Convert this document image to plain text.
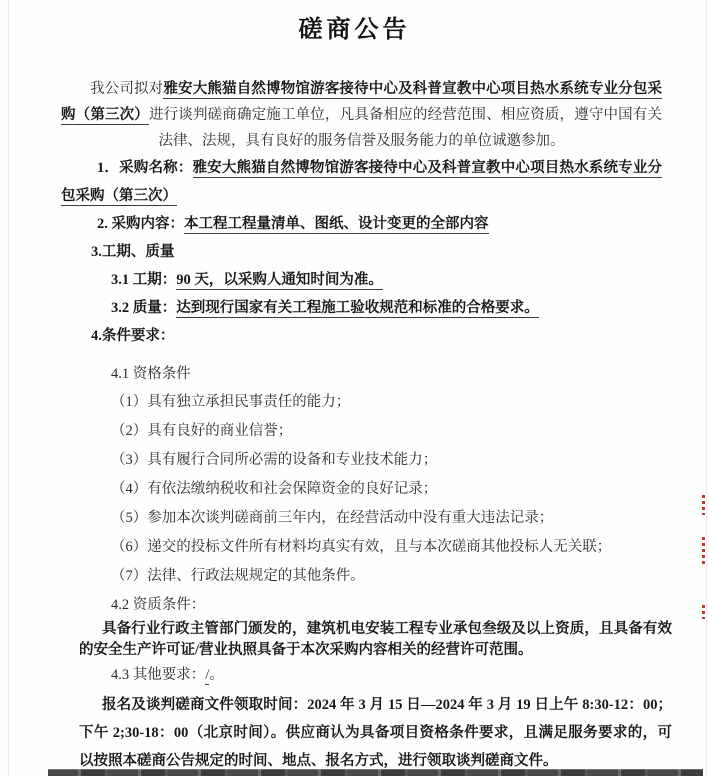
磋商公告

我公司拟对雅安大熊猫自然博物馆游客接待中心及科普宣教中心项目热水系统专业分包采购（第三次）进行谈判磋商确定施工单位，凡具备相应的经营范围、相应资质，遵守中国有关法律、法规，具有良好的服务信誉及服务能力的单位诚邀参加。

1．采购名称：雅安大熊猫自然博物馆游客接待中心及科普宣教中心项目热水系统专业分包采购（第三次）

2. 采购内容：本工程工程量清单、图纸、设计变更的全部内容

3.工期、质量

3.1 工期：90 天，以采购人通知时间为准。

3.2 质量：达到现行国家有关工程施工验收规范和标准的合格要求。

4.条件要求：

4.1 资格条件

（1）具有独立承担民事责任的能力；

（2）具有良好的商业信誉；

（3）具有履行合同所必需的设备和专业技术能力；

（4）有依法缴纳税收和社会保障资金的良好记录；

（5）参加本次谈判磋商前三年内，在经营活动中没有重大违法记录；

（6）递交的投标文件所有材料均真实有效，且与本次磋商其他投标人无关联；

（7）法律、行政法规规定的其他条件。

4.2 资质条件：

具备行业行政主管部门颁发的，建筑机电安装工程专业承包叁级及以上资质，且具备有效的安全生产许可证/营业执照具备于本次采购内容相关的经营许可范围。

4.3 其他要求：/。

报名及谈判磋商文件领取时间：2024 年 3 月 15 日—2024 年 3 月 19 日上午 8:30-12：00；下午 2;30-18：00（北京时间）。供应商认为具备项目资格条件要求，且满足服务要求的，可以按照本磋商公告规定的时间、地点、报名方式，进行领取谈判磋商文件。
